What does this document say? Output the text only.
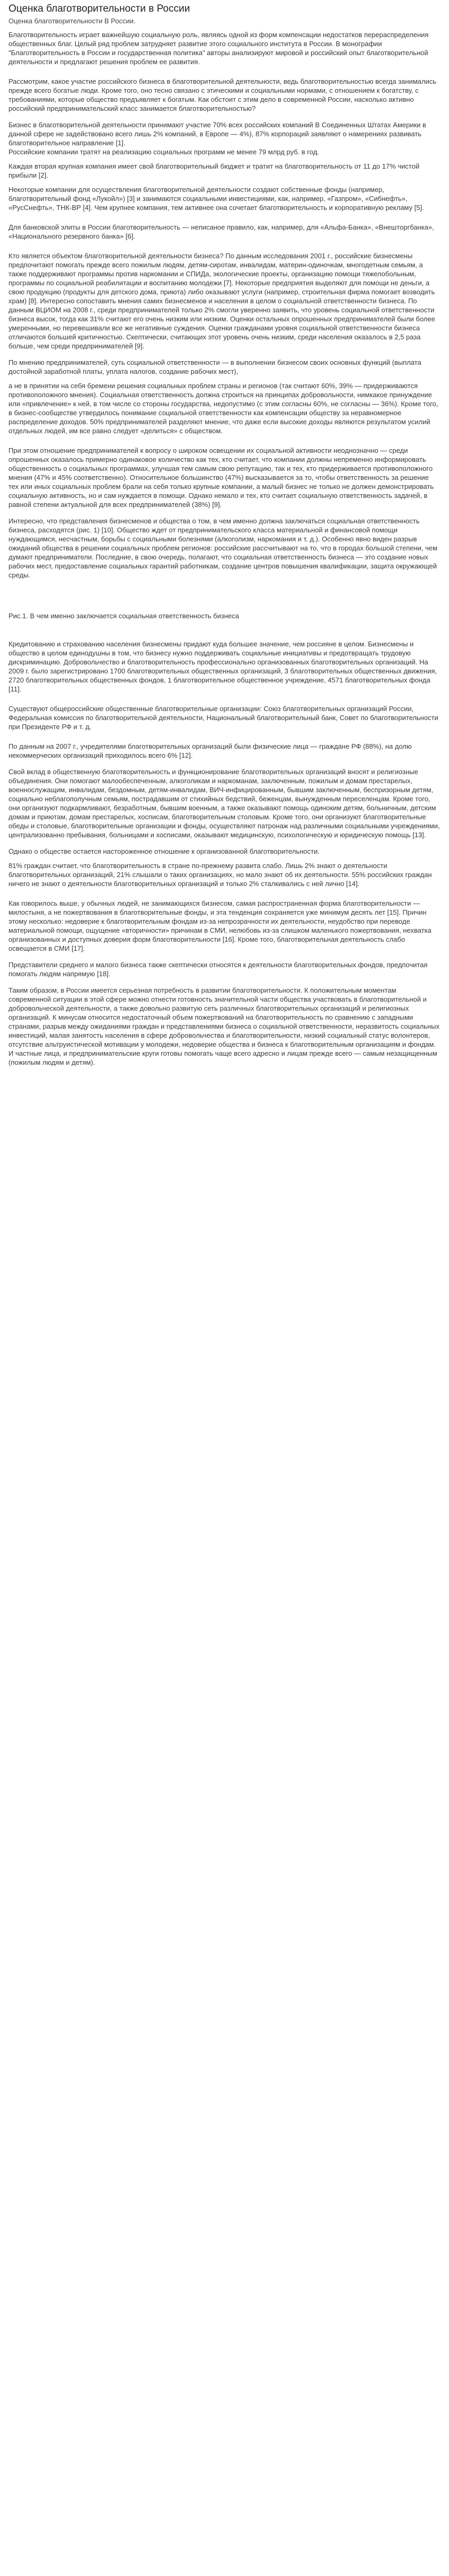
Оценка благотворительности в России
Оценка благотворительности В России.

Благотворительность играет важнейшую социальную роль, являясь одной из форм компенсации недостатков перераспределения общественных благ. Целый ряд проблем затрудняет развитие этого социального института в России. В монографии "Благотворительность в России и государственная политика" авторы анализируют мировой и российский опыт благотворительной деятельности и предлагают решения проблем ее развития.

Рассмотрим, какое участие российского бизнеса в благотворительной деятельности, ведь благотворительностью всегда занимались прежде всего богатые люди. Кроме того, оно тесно связано с этическими и социальными нормами, с отношением к богатству, с требованиями, которые общество предъявляет к богатым. Как обстоит с этим дело в современной России, насколько активно российский предпринимательский класс занимается благотворительностью?

Бизнес в благотворительной деятельности принимают участие 70% всех российских компаний В Соединенных Штатах Америки в данной сфере не задействовано всего лишь 2% компаний, в Европе — 4%), 87% корпораций заявляют о намерениях развивать благотворительное направление [1].
Российские компании тратят на реализацию социальных программ не менее 79 млрд руб. в год.

Каждая вторая крупная компания имеет свой благотворительный бюджет и тратит на благотворительность от 11 до 17% чистой прибыли [2].

Некоторые компании для осуществления благотворительной деятельности создают собственные фонды (например, благотворительный фонд «Лукойл») [3] и занимаются социальными инвестициями, как, например, «Газпром», «Сибнефть», «РусСнефть», ТНК-ВР [4]. Чем крупнее компания, тем активнее она сочетает благотворительность и корпоративную рекламу [5].

Для банковской элиты в России благотворительность — неписаное правило, как, например, для «Альфа-Банка», «Внешторгбанка», «Национального резервного банка» [6].

Кто является объектом благотворительной деятельности бизнеса? По данным исследования 2001 г., российские бизнесмены предпочитают помогать прежде всего пожилым людям, детям-сиротам, инвалидам, материн-одиночкам, многодетным семьям, а также поддерживают программы против наркомании и СПИДа, экологические проекты, организацию помощи тяжелобольным, программы по социальной реабилитации и воспитанию молодежи [7]. Некоторые предприятия выделяют для помощи не деньги, а свою продукцию (продукты для детского дома, приюта) либо оказывают услуги (например, строительная фирма помогает возводить храм) [8]. Интересно сопоставить мнения самих бизнесменов и населения в целом о социальной ответственности бизнеса. По данным ВЦИОМ на 2008 г., среди предпринимателей только 2% смогли уверенно заявить, что уровень социальной ответственности бизнеса высок, тогда как 31% считают его очень низким или низким. Оценки остальных опрошенных предпринимателей были более умеренными, но перевешивали все же негативные суждения. Оценки гражданами уровня социальной ответственности бизнеса отличаются большей критичностью. Скептически, считающих этот уровень очень низким, среди населения оказалось в 2,5 раза больше, чем среди предпринимателей [9].

По мнению предпринимателей, суть социальной ответственности — в выполнении бизнесом своих основных функций (выплата достойной заработной платы, уплата налогов, создание рабочих мест),

а не в принятии на себя бремени решения социальных проблем страны и регионов (так считают 60%, 39% — придерживаются противоположного мнения). Социальная ответственность должна строиться на принципах добровольности, нимкакое принуждение или «привлечение» к ней, в том числе со стороны государства, недопустимо (с этим согласны 60%, не согласны — 36%). Кроме того, в бизнес-сообществе утвердилось понимание социальной ответственности как компенсации обществу за неравномерное распределение доходов. 50% предпринимателей разделяют мнение, что даже если высокие доходы являются результатом усилий отдельных людей, им все равно следует «делиться» с обществом.

При этом отношение предпринимателей к вопросу о широком освещении их социальной активности неоднозначно — среди опрошенных оказалось примерно одинаковое количество как тех, кто считает, что компании должны непременно информировать общественность о социальных программах, улучшая тем самым свою репутацию, так и тех, кто придерживается противоположного мнения (47% и 45% соответственно). Относительное большинство (47%) высказывается за то, чтобы ответственность за решение тех или иных социальных проблем брали на себя только крупные компании, а малый бизнес не только не должен демонстрировать социальную активность, но и сам нуждается в помощи. Однако немало и тех, кто считает социальную ответственность задачей, в равной степени актуальной для всех предпринимателей (38%) [9].

Интересно, что представления бизнесменов и общества о том, в чем именно должна заключаться социальная ответственность бизнеса, расходятся (рис. 1) [10]. Общество ждет от предпринимательского класса материальной и финансовой помощи нуждающимся, несчастным, борьбы с социальными болезнями (алкоголизм, наркомания и т. д.). Особенно явно виден разрыв ожиданий общества в решении социальных проблем регионов: российские рассчитывают на то, что в городах большой степени, чем думают предприниматели. Последние, в свою очередь, полагают, что социальная ответственность бизнеса — это создание новых рабочих мест, предоставление социальных гарантий работникам, создание центров повышения квалификации, защита окружающей среды.

Рис.1. В чем именно заключается социальная ответственность бизнеса

Кредитованию и страхованию населения бизнесмены придают куда большее значение, чем россияне в целом. Бизнесмены и общество в целом единодушны в том, что бизнесу нужно поддерживать социальные инициативы и предотвращать трудовую дискриминацию. Добровольчество и благотворительность профессионально организованных благотворительных организаций. На 2009 г. было зарегистрировано 1700 благотворительных общественных организаций, 3 благотворительных общественных движения, 2720 благотворительных общественных фондов, 1 благотворительное общественное учреждение, 4571 благотворительных фонда [11].

Существуют общероссийские общественные благотворительные организации: Союз благотворительных организаций России, Федеральная комиссия по благотворительной деятельности, Национальный благотворительный банк, Совет по благотворительности при Президенте РФ и т. д.

По данным на 2007 г., учредителями благотворительных организаций были физические лица — граждане РФ (88%), на долю некоммерческих организаций приходилось всего 6% [12].

Свой вклад в общественную благотворительность и функционирование благотворительных организаций вносят и религиозные объединения. Они помогают малообеспеченным, алкоголикам и наркоманам, заключенным, пожилым и домам престарелых, военнослужащим, инвалидам, бездомным, детям-инвалидам, ВИЧ-инфицированным, бывшим заключенным, беспризорным детям, социально неблагополучным семьям, пострадавшим от стихийных бедствий, беженцам, вынужденным переселенцам. Кроме того, они организуют подкармливают, безработным, бывшим военным, а также оказывают помощь одиноким детям, больничным, детским домам и приютам, домам престарелых, хосписам, благотворительным столовым. Кроме того, они организуют благотворительные обеды и столовые, благотворительные организации и фонды, осуществляют патронаж над различными социальными учреждениями, централизованно пребывания, больницами и хосписами, оказывают медицинскую, психологическую и юридическую помощь [13].

Однако о обществе остается настороженное отношение к организованной благотворительности.

81% граждан считает, что благотворительность в стране по-прежнему развита слабо. Лишь 2% знают о деятельности благотворительных организаций, 21% слышали о таких организациях, но мало знают об их деятельности. 55% российских граждан ничего не знают о деятельности благотворительных организаций и только 2% сталкивались с ней лично [14].

Как говорилось выше, у обычных людей, не занимающихся бизнесом, самая распространенная форма благотворительности — милостыня, а не пожертвования в благотворительные фонды, и эта тенденция сохраняется уже минимум десять лет [15]. Причин этому несколько: недоверие к благотворительным фондам из-за непрозрачности их деятельности, неудобство при переводе материальной помощи, ощущение «вторичности» причинам в СМИ, нелюбовь из-за слишком маленького пожертвования, нехватка организованных и доступных доверия форм благотворительности [16]. Кроме того, благотворительная деятельность слабо освещается в СМИ [17].

Представители среднего и малого бизнеса также скептически относятся к деятельности благотворительных фондов, предпочитая помогать людям напрямую [18].

Таким образом, в России имеется серьезная потребность в развитии благотворительности. К положительным моментам современной ситуации в этой сфере можно отнести готовность значительной части общества участвовать в благотворительной и добровольческой деятельности, а также довольно развитую сеть различных благотворительных организаций и религиозных организаций. К минусам относится недостаточный объем пожертвований на благотворительность по сравнению с западными странами, разрыв между ожиданиями граждан и представлениями бизнеса о социальной ответственности, неразвитость социальных инвестиций, малая занятость населения в сфере добровольчества и благотворительности, низкий социальный статус волонтеров, отсутствие альтруистической мотивации у молодежи, недоверие общества и бизнеса к благотворительным организациям и фондам. И частные лица, и предпринимательские круги готовы помогать чаще всего адресно и лицам прежде всего — самым незащищенным (пожилым людям и детям).
